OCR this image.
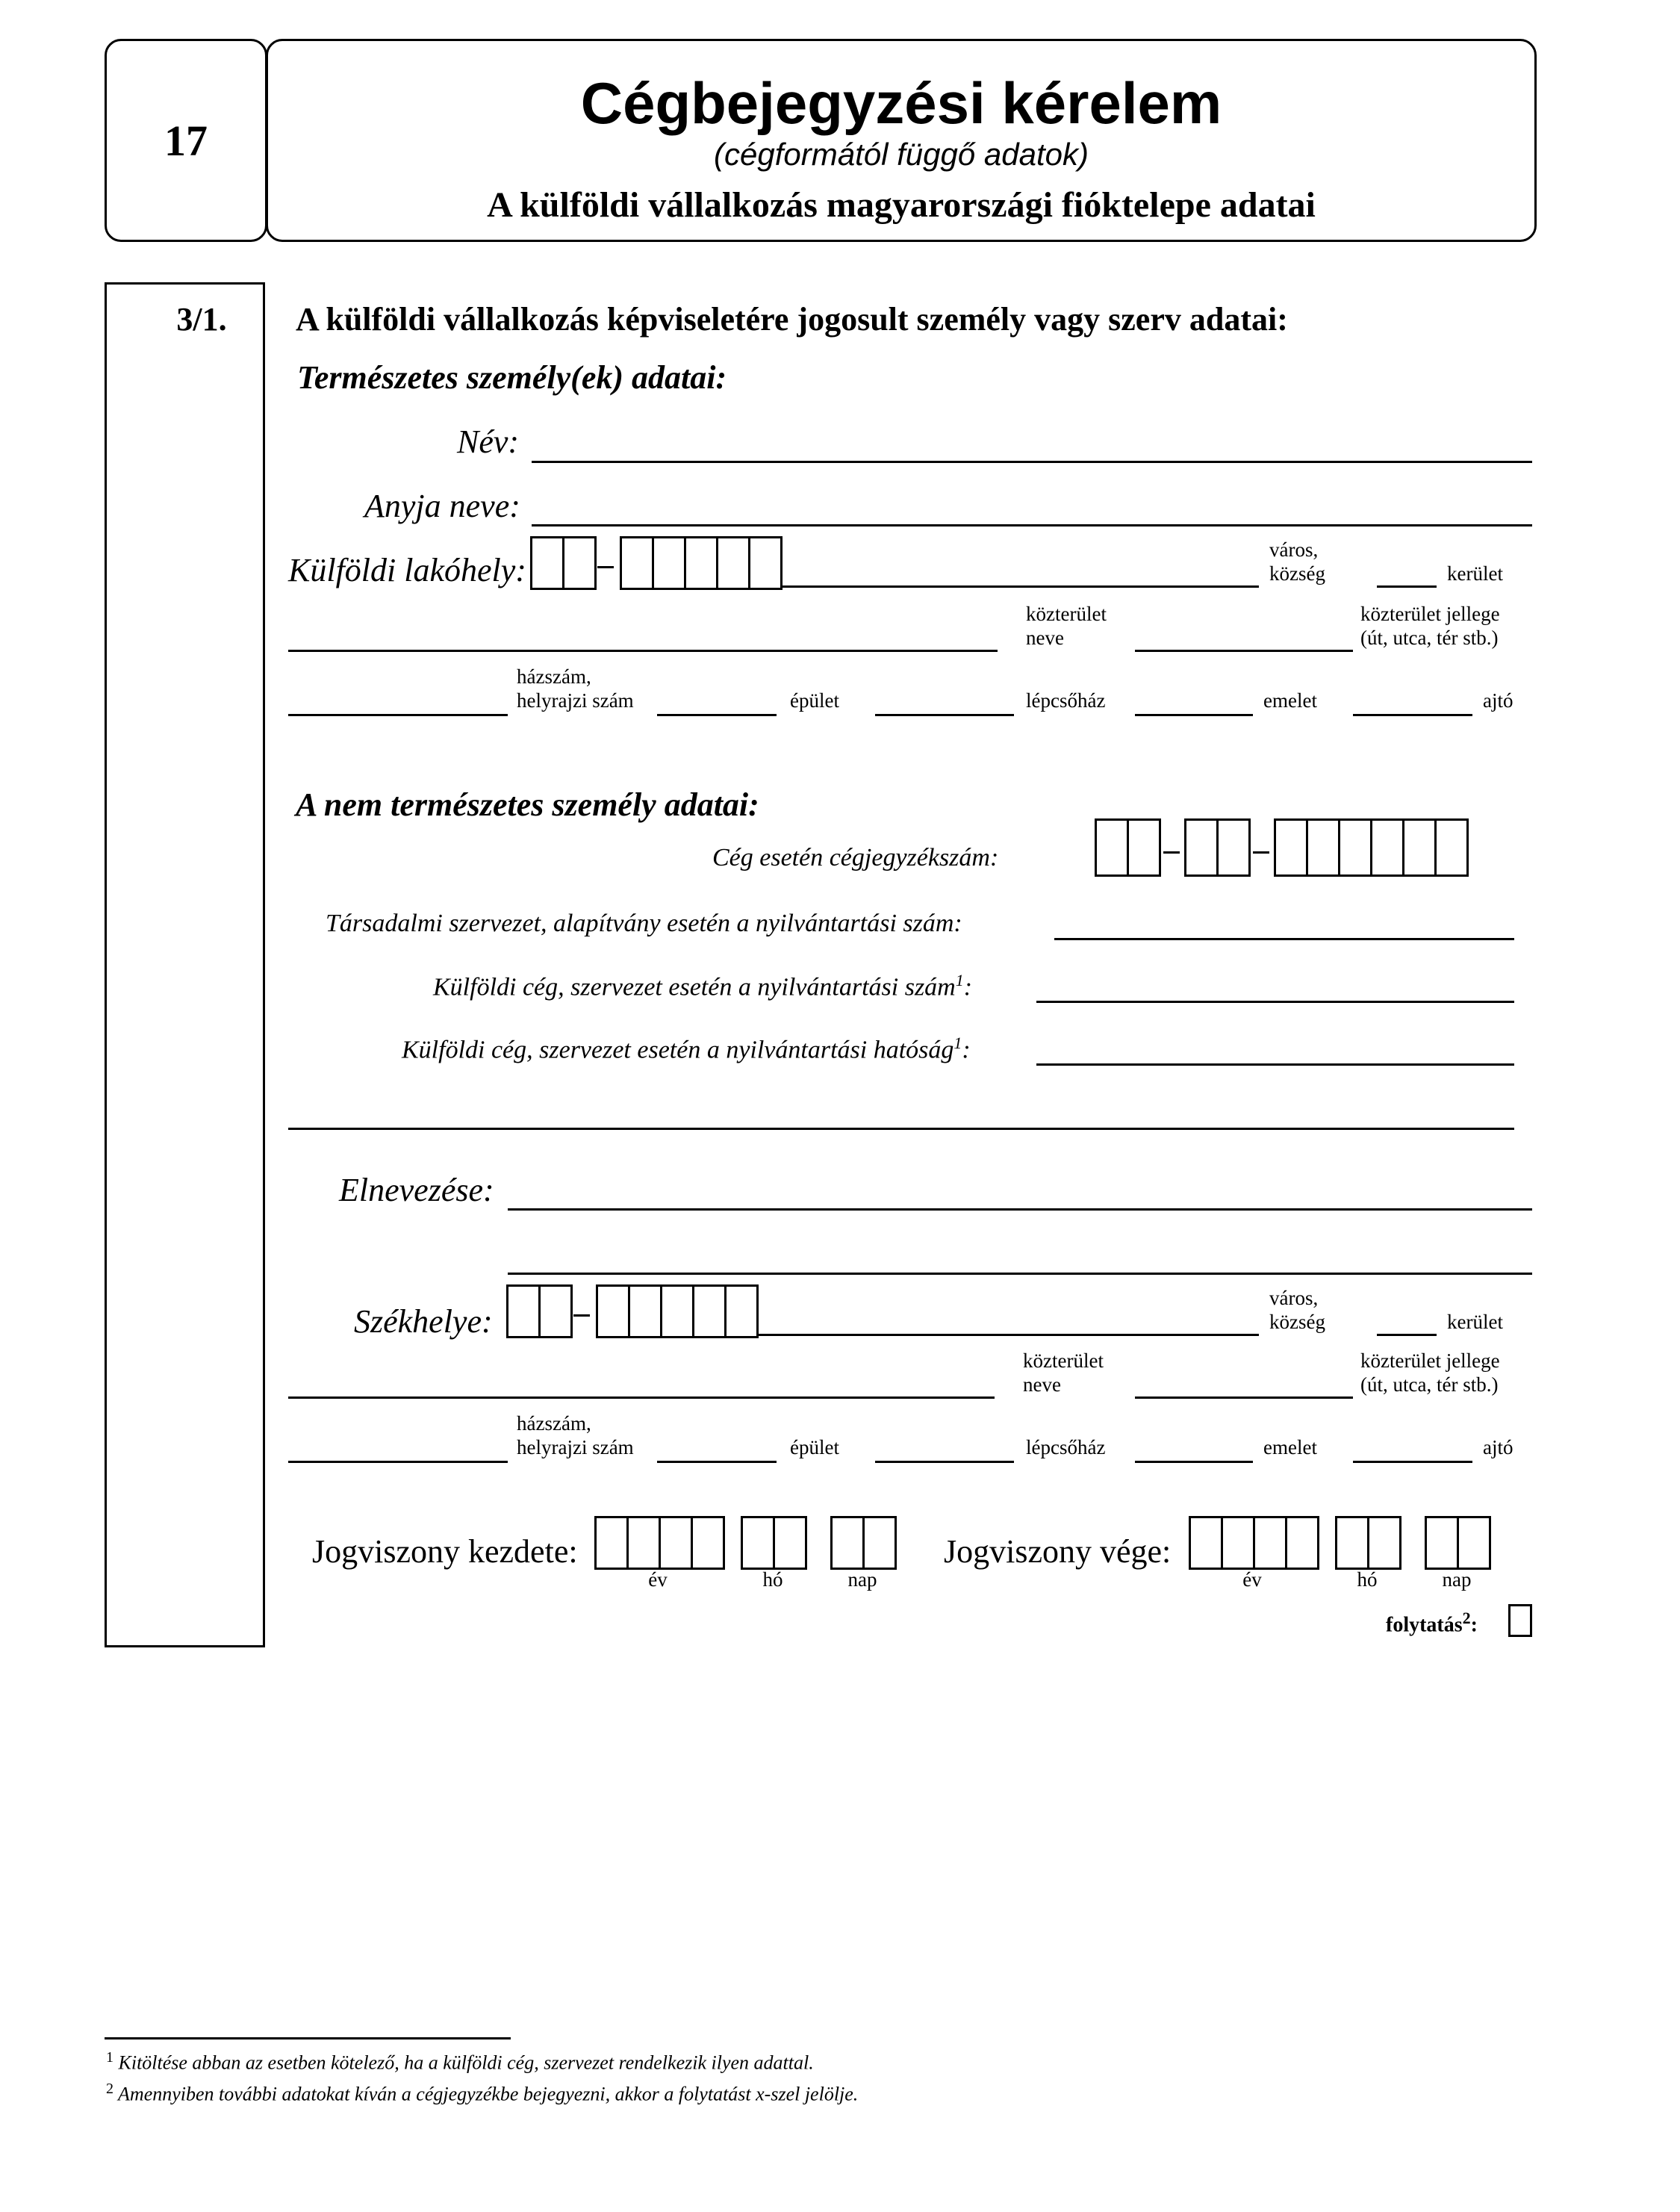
17
Cégbejegyzési kérelem
(cégformától függő adatok)
A külföldi vállalkozás magyarországi fióktelepe adatai
3/1.	A külföldi vállalkozás képviseletére jogosult személy vagy szerv adatai:
Természetes személy(ek) adatai:
Név:
Anyja neve:
Külföldi lakóhely:
város,
község	kerület
közterület
neve
közterület jellege
(út, utca, tér stb.)
házszám,
helyrajzi szám	épület	lépcsőház	emelet	ajtó
A nem természetes személy adatai:
Cég esetén cégjegyzékszám:
Társadalmi szervezet, alapítvány esetén a nyilvántartási szám:
Külföldi cég, szervezet esetén a nyilvántartási szám$^1$:
Külföldi cég, szervezet esetén a nyilvántartási hatóság$^1$:
Elnevezése:
Székhelye:
város,
község	kerület
közterület
neve
közterület jellege
(út, utca, tér stb.)
házszám,
helyrajzi szám	épület	lépcsőház	emelet	ajtó
Jogviszony kezdete:
év	hó	nap
Jogviszony vége:
év	hó	nap
folytatás$^2$:
$^1$ Kitöltése abban az esetben kötelező, ha a külföldi cég, szervezet rendelkezik ilyen adattal.
$^2$ Amennyiben további adatokat kíván a cégjegyzékbe bejegyezni, akkor a folytatást x-szel jelölje.
